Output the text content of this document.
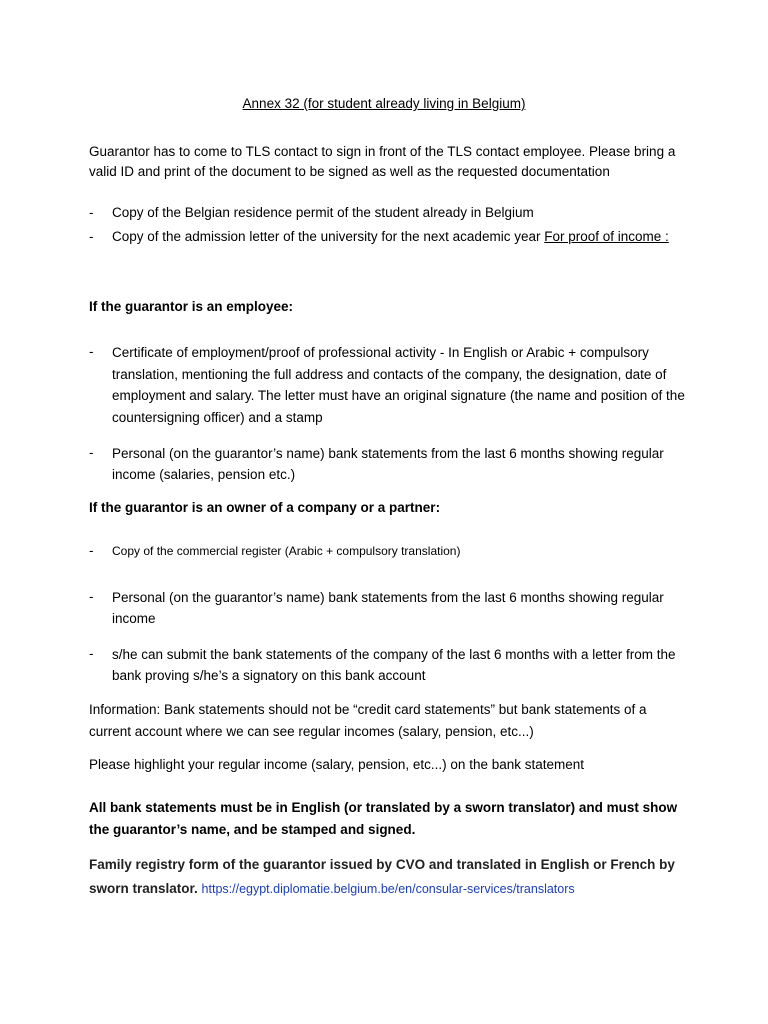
Annex 32 (for student already living in Belgium)

Guarantor has to come to TLS contact to sign in front of the TLS contact employee. Please bring a valid ID and print of the document to be signed as well as the requested documentation

-	Copy of the Belgian residence permit of the student already in Belgium
-	Copy of the admission letter of the university for the next academic year For proof of income :

If the guarantor is an employee:

-	Certificate of employment/proof of professional activity - In English or Arabic + compulsory translation, mentioning the full address and contacts of the company, the designation, date of employment and salary. The letter must have an original signature (the name and position of the countersigning officer) and a stamp
-	Personal (on the guarantor’s name) bank statements from the last 6 months showing regular income (salaries, pension etc.)

If the guarantor is an owner of a company or a partner:

-	Copy of the commercial register (Arabic + compulsory translation)
-	Personal (on the guarantor’s name) bank statements from the last 6 months showing regular income
-	s/he can submit the bank statements of the company of the last 6 months with a letter from the bank proving s/he’s a signatory on this bank account

Information: Bank statements should not be “credit card statements” but bank statements of a current account where we can see regular incomes (salary, pension, etc...)

Please highlight your regular income (salary, pension, etc...) on the bank statement

All bank statements must be in English (or translated by a sworn translator) and must show the guarantor’s name, and be stamped and signed.

Family registry form of the guarantor issued by CVO and translated in English or French by sworn translator. https://egypt.diplomatie.belgium.be/en/consular-services/translators
